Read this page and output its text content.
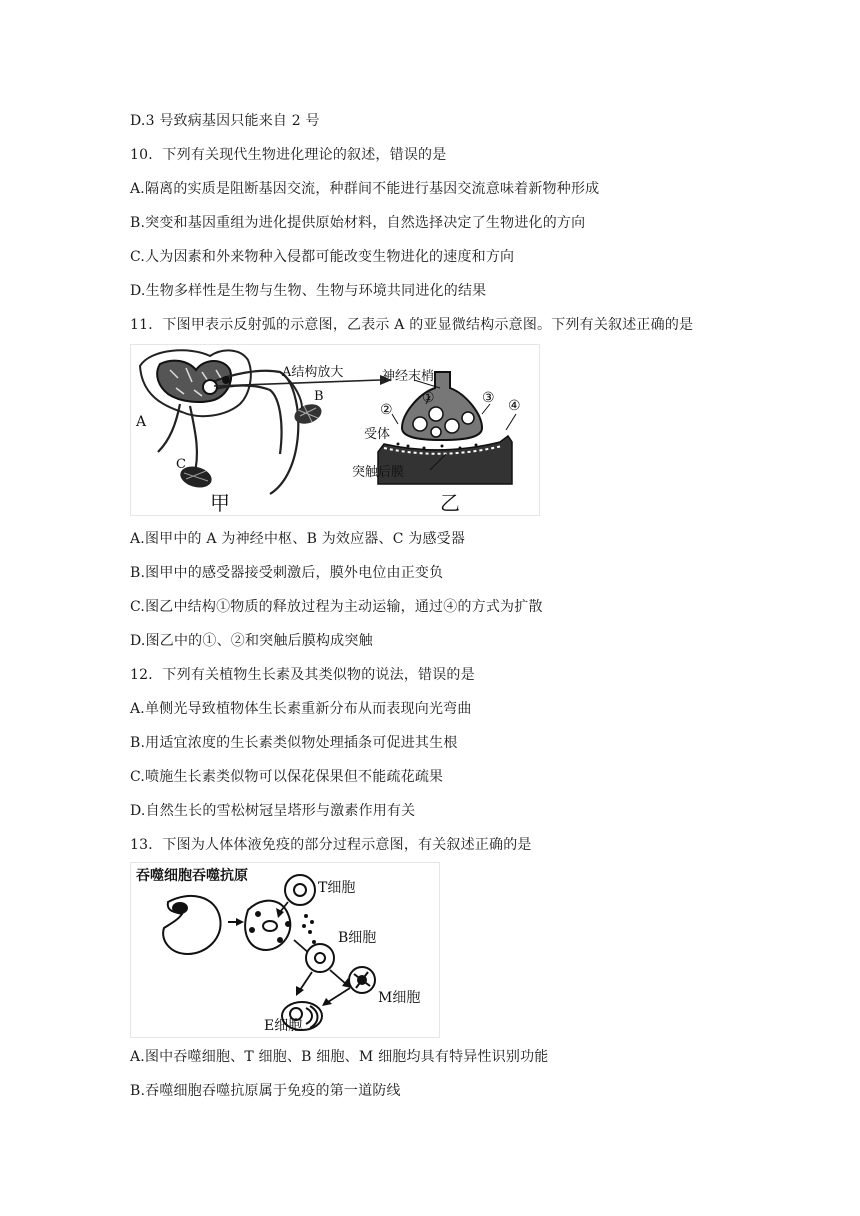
D.3 号致病基因只能来自 2 号
10．下列有关现代生物进化理论的叙述，错误的是
A.隔离的实质是阻断基因交流，种群间不能进行基因交流意味着新物种形成
B.突变和基因重组为进化提供原始材料，自然选择决定了生物进化的方向
C.人为因素和外来物种入侵都可能改变生物进化的速度和方向
D.生物多样性是生物与生物、生物与环境共同进化的结果
11．下图甲表示反射弧的示意图，乙表示 A 的亚显微结构示意图。下列有关叙述正确的是
A
B
C
甲
A结构放大	神经末梢
②
①	③ ④
受体
突触后膜
乙
A.图甲中的 A 为神经中枢、B 为效应器、C 为感受器
B.图甲中的感受器接受刺激后，膜外电位由正变负
C.图乙中结构①物质的释放过程为主动运输，通过④的方式为扩散
D.图乙中的①、②和突触后膜构成突触
12．下列有关植物生长素及其类似物的说法，错误的是
A.单侧光导致植物体生长素重新分布从而表现向光弯曲
B.用适宜浓度的生长素类似物处理插条可促进其生根
C.喷施生长素类似物可以保花保果但不能疏花疏果
D.自然生长的雪松树冠呈塔形与激素作用有关
13．下图为人体体液免疫的部分过程示意图，有关叙述正确的是
吞噬细胞吞噬抗原
T细胞
B细胞
M细胞
E细胞
A.图中吞噬细胞、T 细胞、B 细胞、M 细胞均具有特异性识别功能
B.吞噬细胞吞噬抗原属于免疫的第一道防线
